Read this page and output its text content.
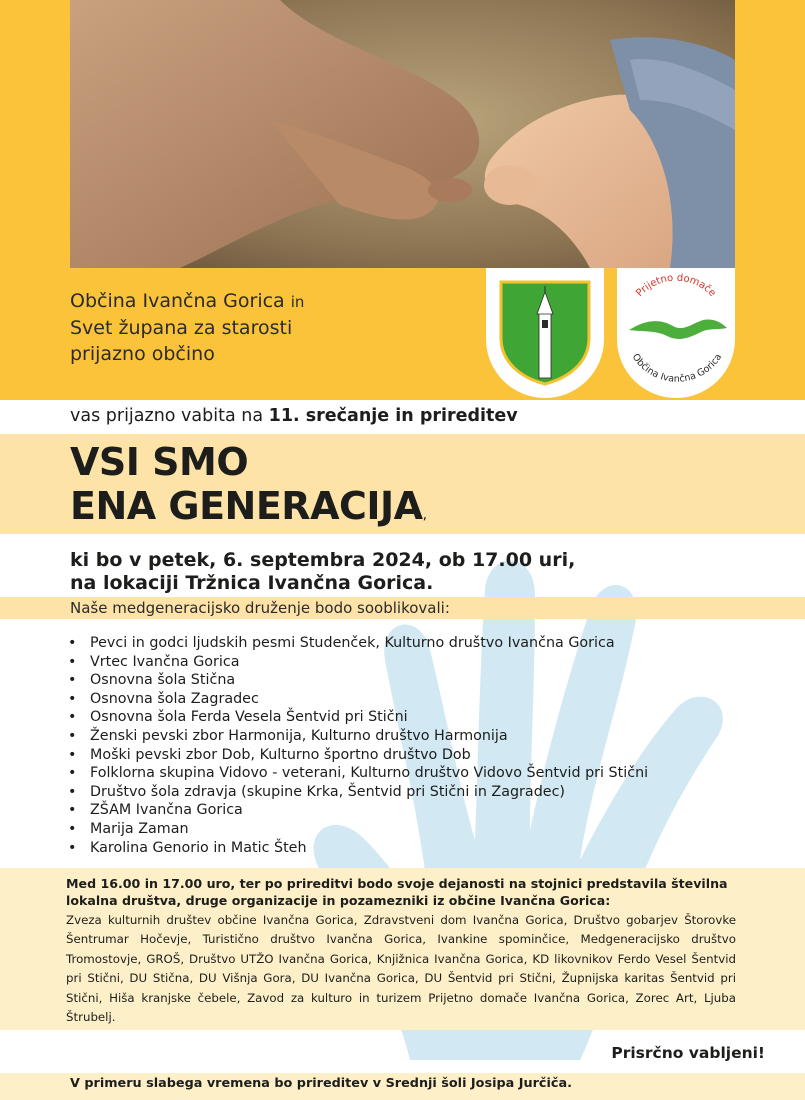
Občina Ivančna Gorica in
Svet župana za starosti
prijazno občino
Prijetno domače
Občina Ivančna Gorica
vas prijazno vabita na 11. srečanje in prireditev
VSI SMO
ENA GENERACIJA,
ki bo v petek, 6. septembra 2024, ob 17.00 uri,
na lokaciji Tržnica Ivančna Gorica.
Naše medgeneracijsko druženje bodo sooblikovali:
• Pevci in godci ljudskih pesmi Studenček, Kulturno društvo Ivančna Gorica
• Vrtec Ivančna Gorica
• Osnovna šola Stična
• Osnovna šola Zagradec
• Osnovna šola Ferda Vesela Šentvid pri Stični
• Ženski pevski zbor Harmonija, Kulturno društvo Harmonija
• Moški pevski zbor Dob, Kulturno športno društvo Dob
• Folklorna skupina Vidovo - veterani, Kulturno društvo Vidovo Šentvid pri Stični
• Društvo šola zdravja (skupine Krka, Šentvid pri Stični in Zagradec)
• ZŠAM Ivančna Gorica
• Marija Zaman
• Karolina Genorio in Matic Šteh
Med 16.00 in 17.00 uro, ter po prireditvi bodo svoje dejanosti na stojnici predstavila številna lokalna društva, druge organizacije in pozamezniki iz občine Ivančna Gorica:
Zveza kulturnih društev občine Ivančna Gorica, Zdravstveni dom Ivančna Gorica, Društvo gobarjev Štorovke Šentrumar Hočevje, Turistično društvo Ivančna Gorica, Ivankine spominčice, Medgeneracijsko društvo Tromostovje, GROŠ, Društvo UTŽO Ivančna Gorica, Knjižnica Ivančna Gorica, KD likovnikov Ferdo Vesel Šentvid pri Stični, DU Stična, DU Višnja Gora, DU Ivančna Gorica, DU Šentvid pri Stični, Župnijska karitas Šentvid pri Stični, Hiša kranjske čebele, Zavod za kulturo in turizem Prijetno domače Ivančna Gorica, Zorec Art, Ljuba Štrubelj.
Prisrčno vabljeni!
V primeru slabega vremena bo prireditev v Srednji šoli Josipa Jurčiča.
